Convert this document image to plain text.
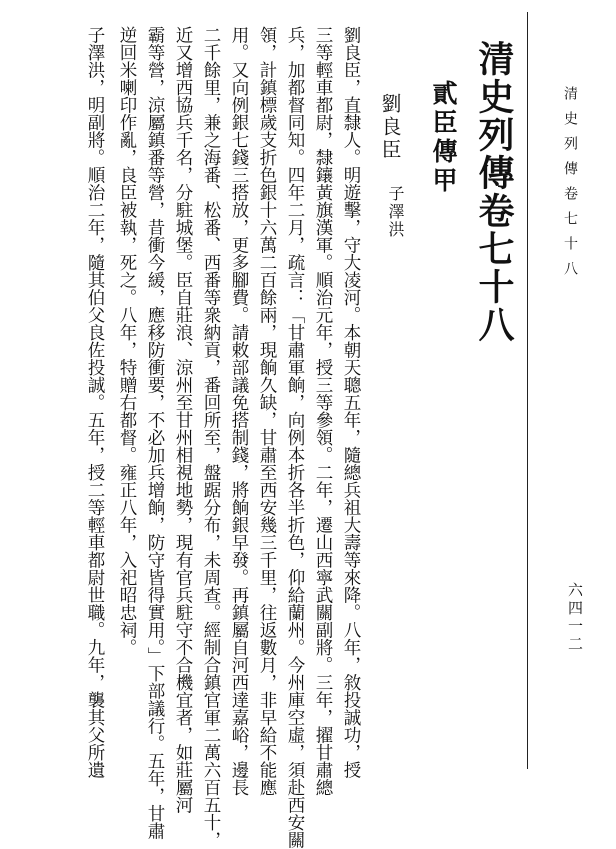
清史列傳卷七十八
六四一二
清史列傳卷七十八
貳臣傳甲
劉良臣
子澤洪
劉良臣，直隸人。明遊擊，守大凌河。本朝天聰五年，隨總兵祖大壽等來降。八年，敘投誠功，授
三等輕車都尉，隸鑲黃旗漢軍。順治元年，授三等參領。二年，遷山西寧武關副將。三年，擢甘肅總
兵，加都督同知。四年二月，疏言：「甘肅軍餉，向例本折各半折色，仰給蘭州。今州庫空虛，須赴西安關
領，計鎮標歲支折色銀十六萬二百餘兩，現餉久缺，甘肅至西安幾三千里，往返數月，非早給不能應
用。又向例銀七錢三搭放，更多腳費。請敕部議免搭制錢，將餉銀早發。再鎮屬自河西達嘉峪，邊長
二千餘里，兼之海番、松番、西番等衆納貢，番回所至，盤踞分布，未周查。經制合鎮官軍二萬六百五十，
近又增西協兵千名，分駐城堡。臣自莊浪、涼州至甘州相視地勢，現有官兵駐守不合機宜者，如莊屬河
霸等營，涼屬鎮番等營，昔衝今緩，應移防衝要，不必加兵增餉，防守皆得實用。」下部議行。五年，甘肅
逆回米喇印作亂，良臣被執，死之。八年，特贈右都督。雍正八年，入祀昭忠祠。
子澤洪，明副將。順治二年，隨其伯父良佐投誠。五年，授二等輕車都尉世職。九年，襲其父所遺
